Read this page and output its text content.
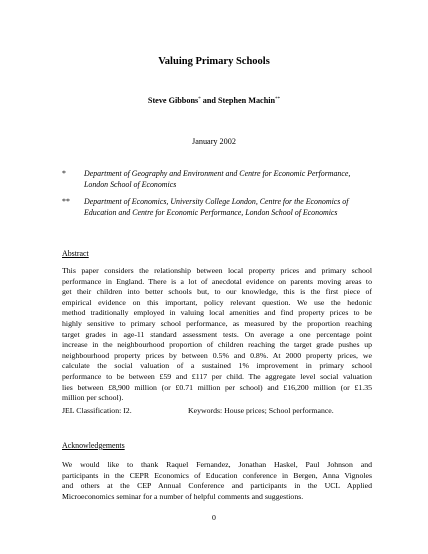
Valuing Primary Schools
Steve Gibbons* and Stephen Machin**
January 2002
* Department of Geography and Environment and Centre for Economic Performance,
London School of Economics
** Department of Economics, University College London, Centre for the Economics of
Education and Centre for Economic Performance, London School of Economics
Abstract
This paper considers the relationship between local property prices and primary school
performance in England. There is a lot of anecdotal evidence on parents moving areas to
get their children into better schools but, to our knowledge, this is the first piece of
empirical evidence on this important, policy relevant question. We use the hedonic
method traditionally employed in valuing local amenities and find property prices to be
highly sensitive to primary school performance, as measured by the proportion reaching
target grades in age-11 standard assessment tests. On average a one percentage point
increase in the neighbourhood proportion of children reaching the target grade pushes up
neighbourhood property prices by between 0.5% and 0.8%. At 2000 property prices, we
calculate the social valuation of a sustained 1% improvement in primary school
performance to be between £59 and £117 per child. The aggregate level social valuation
lies between £8,900 million (or £0.71 million per school) and £16,200 million (or £1.35
million per school).
JEL Classification: I2.	Keywords: House prices; School performance.
Acknowledgements
We would like to thank Raquel Fernandez, Jonathan Haskel, Paul Johnson and
participants in the CEPR Economics of Education conference in Bergen, Anna Vignoles
and others at the CEP Annual Conference and participants in the UCL Applied
Microeconomics seminar for a number of helpful comments and suggestions.
0
